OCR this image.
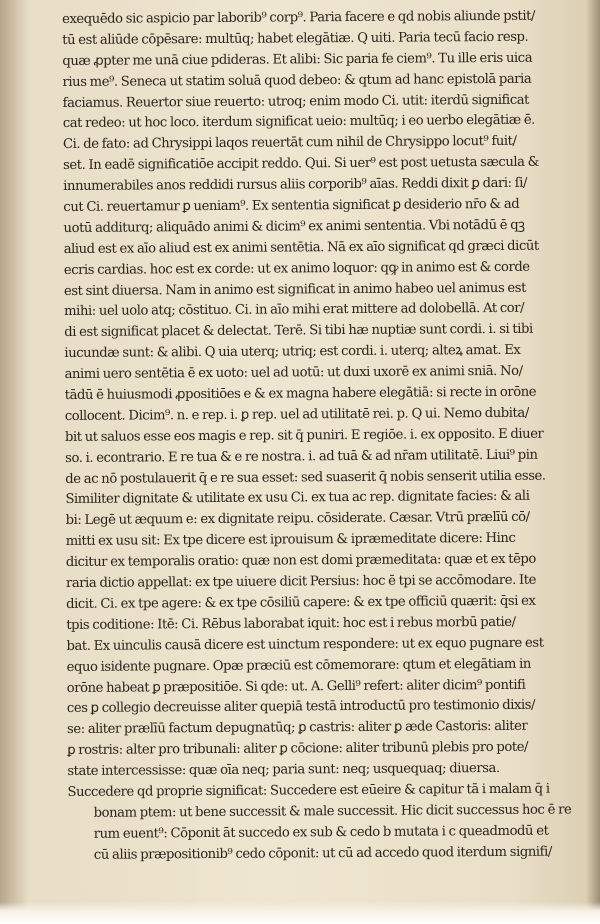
exequēdo sic aspicio par laborib⁹ corp⁹. Paria facere e qd nobis aliunde pstit/
tū est aliūde cōpēsare: multūq; habet elegātiæ. Q uiti. Paria tecū facio resp.
quæ ꝓpter me unā ciue pdideras. Et alibi: Sic paria fe ciem⁹. Tu ille eris uica
rius me⁹. Seneca ut statim soluā quod debeo: & qtum ad hanc epistolā paria
faciamus. Reuertor siue reuerto: utroq; enim modo Ci. utit: iterdū significat
cat redeo: ut hoc loco. iterdum significat ueio: multūq; i eo uerbo elegātiæ ē.
Ci. de fato: ad Chrysippi laqos reuertāt cum nihil de Chrysippo locut⁹ fuit/
set. In eadē significatiōe accipit reddo. Qui. Si uer⁹ est post uetusta sæcula &
innumerabiles anos reddidi rursus aliis corporib⁹ aīas. Reddi dixit ꝑ dari: ſi/
cut Ci. reuertamur ꝑ ueniam⁹. Ex sententia significat ꝑ desiderio nr̄o & ad
uotū additurq; aliquādo animi & dicim⁹ ex animi sententia. Vbi notādū ē qꝫ
aliud est ex aīo aliud est ex animi sentētia. Nā ex aīo significat qd græci dicūt
ecris cardias. hoc est ex corde: ut ex animo loquor: qꝙ in animo est & corde
est sint diuersa. Nam in animo est significat in animo habeo uel animus est
mihi: uel uolo atq; cōstituo. Ci. in aīo mihi erat mittere ad dolobellā. At cor/
di est significat placet & delectat. Terē. Si tibi hæ nuptiæ sunt cordi. i. si tibi
iucundæ sunt: & alibi. Q uia uterq; utriq; est cordi. i. uterq; alteꝝ amat. Ex
animi uero sentētia ē ex uoto: uel ad uotū: ut duxi uxorē ex animi sniā. No/
tādū ē huiusmodi ꝓpositiōes e & ex magna habere elegātiā: si recte in orōne
collocent. Dicim⁹. n. e rep. i. ꝑ rep. uel ad utilitatē rei. p. Q ui. Nemo dubita/
bit ut saluos esse eos magis e rep. sit q̄ puniri. E regiōe. i. ex opposito. E diuer
so. i. econtrario. E re tua & e re nostra. i. ad tuā & ad nr̄am utilitatē. Liui⁹ pin
de ac nō postulauerit q̄ e re sua esset: sed suaserit q̄ nobis senserit utilia esse.
Similiter dignitate & utilitate ex usu Ci. ex tua ac rep. dignitate facies: & ali
bi: Legē ut æquum e: ex dignitate reipu. cōsiderate. Cæsar. Vtrū prælīū cō/
mitti ex usu sit: Ex tpe dicere est iprouisum & ipræmeditate dicere: Hinc
dicitur ex temporalis oratio: quæ non est domi præmeditata: quæ et ex tēpo
raria dictio appellat: ex tpe uiuere dicit Persius: hoc ē tpi se accōmodare. Ite
dicit. Ci. ex tpe agere: & ex tpe cōsiliū capere: & ex tpe officiū quærit: q̄si ex
tpis coditione: Itē: Ci. Rēbus laborabat iquit: hoc est i rebus morbū patie/
bat. Ex uinculis causā dicere est uinctum respondere: ut ex equo pugnare est
equo isidente pugnare. Opæ præciū est cōmemorare: qtum et elegātiam in
orōne habeat ꝑ præpositiōe. Si qde: ut. A. Gelli⁹ refert: aliter dicim⁹ pontifi
ces ꝑ collegio decreuisse aliter quepiā testā introductū pro testimonio dixis/
se: aliter prælīū factum depugnatūq; ꝑ castris: aliter ꝑ æde Castoris: aliter
ꝑ rostris: alter pro tribunali: aliter ꝑ cōcione: aliter tribunū plebis pro pote/
state intercessisse: quæ oīa neq; paria sunt: neq; usquequaq; diuersa.
Succedere qd proprie significat: Succedere est eūeire & capitur tā i malam q̄ i
bonam ptem: ut bene successit & male successit. Hic dicit successus hoc ē re
rum euent⁹: Cōponit āt succedo ex sub & cedo b mutata i c queadmodū et
cū aliis præpositionib⁹ cedo cōponit: ut cū ad accedo quod iterdum signifi/
